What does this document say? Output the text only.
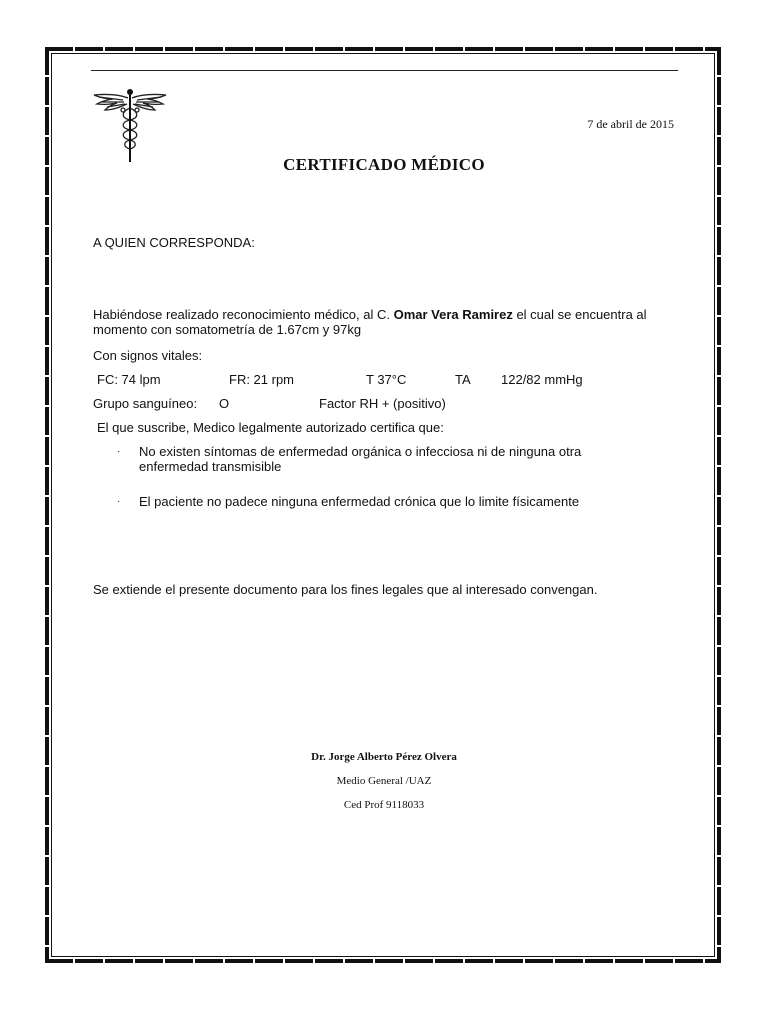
7 de abril de 2015
CERTIFICADO MÉDICO
A QUIEN CORRESPONDA:
Habiéndose realizado reconocimiento médico, al C. Omar Vera Ramirez el cual se encuentra al momento con somatometría de 1.67cm y 97kg
Con signos vitales:
FC: 74 lpm	FR: 21 rpm	T 37°C	TA 122/82 mmHg
Grupo sanguíneo: O	Factor RH + (positivo)
El que suscribe, Medico legalmente autorizado certifica que:
· No existen síntomas de enfermedad orgánica o infecciosa ni de ninguna otra enfermedad transmisible
· El paciente no padece ninguna enfermedad crónica que lo limite físicamente
Se extiende el presente documento para los fines legales que al interesado convengan.
Dr. Jorge Alberto Pérez Olvera
Medio General /UAZ
Ced Prof 9118033
